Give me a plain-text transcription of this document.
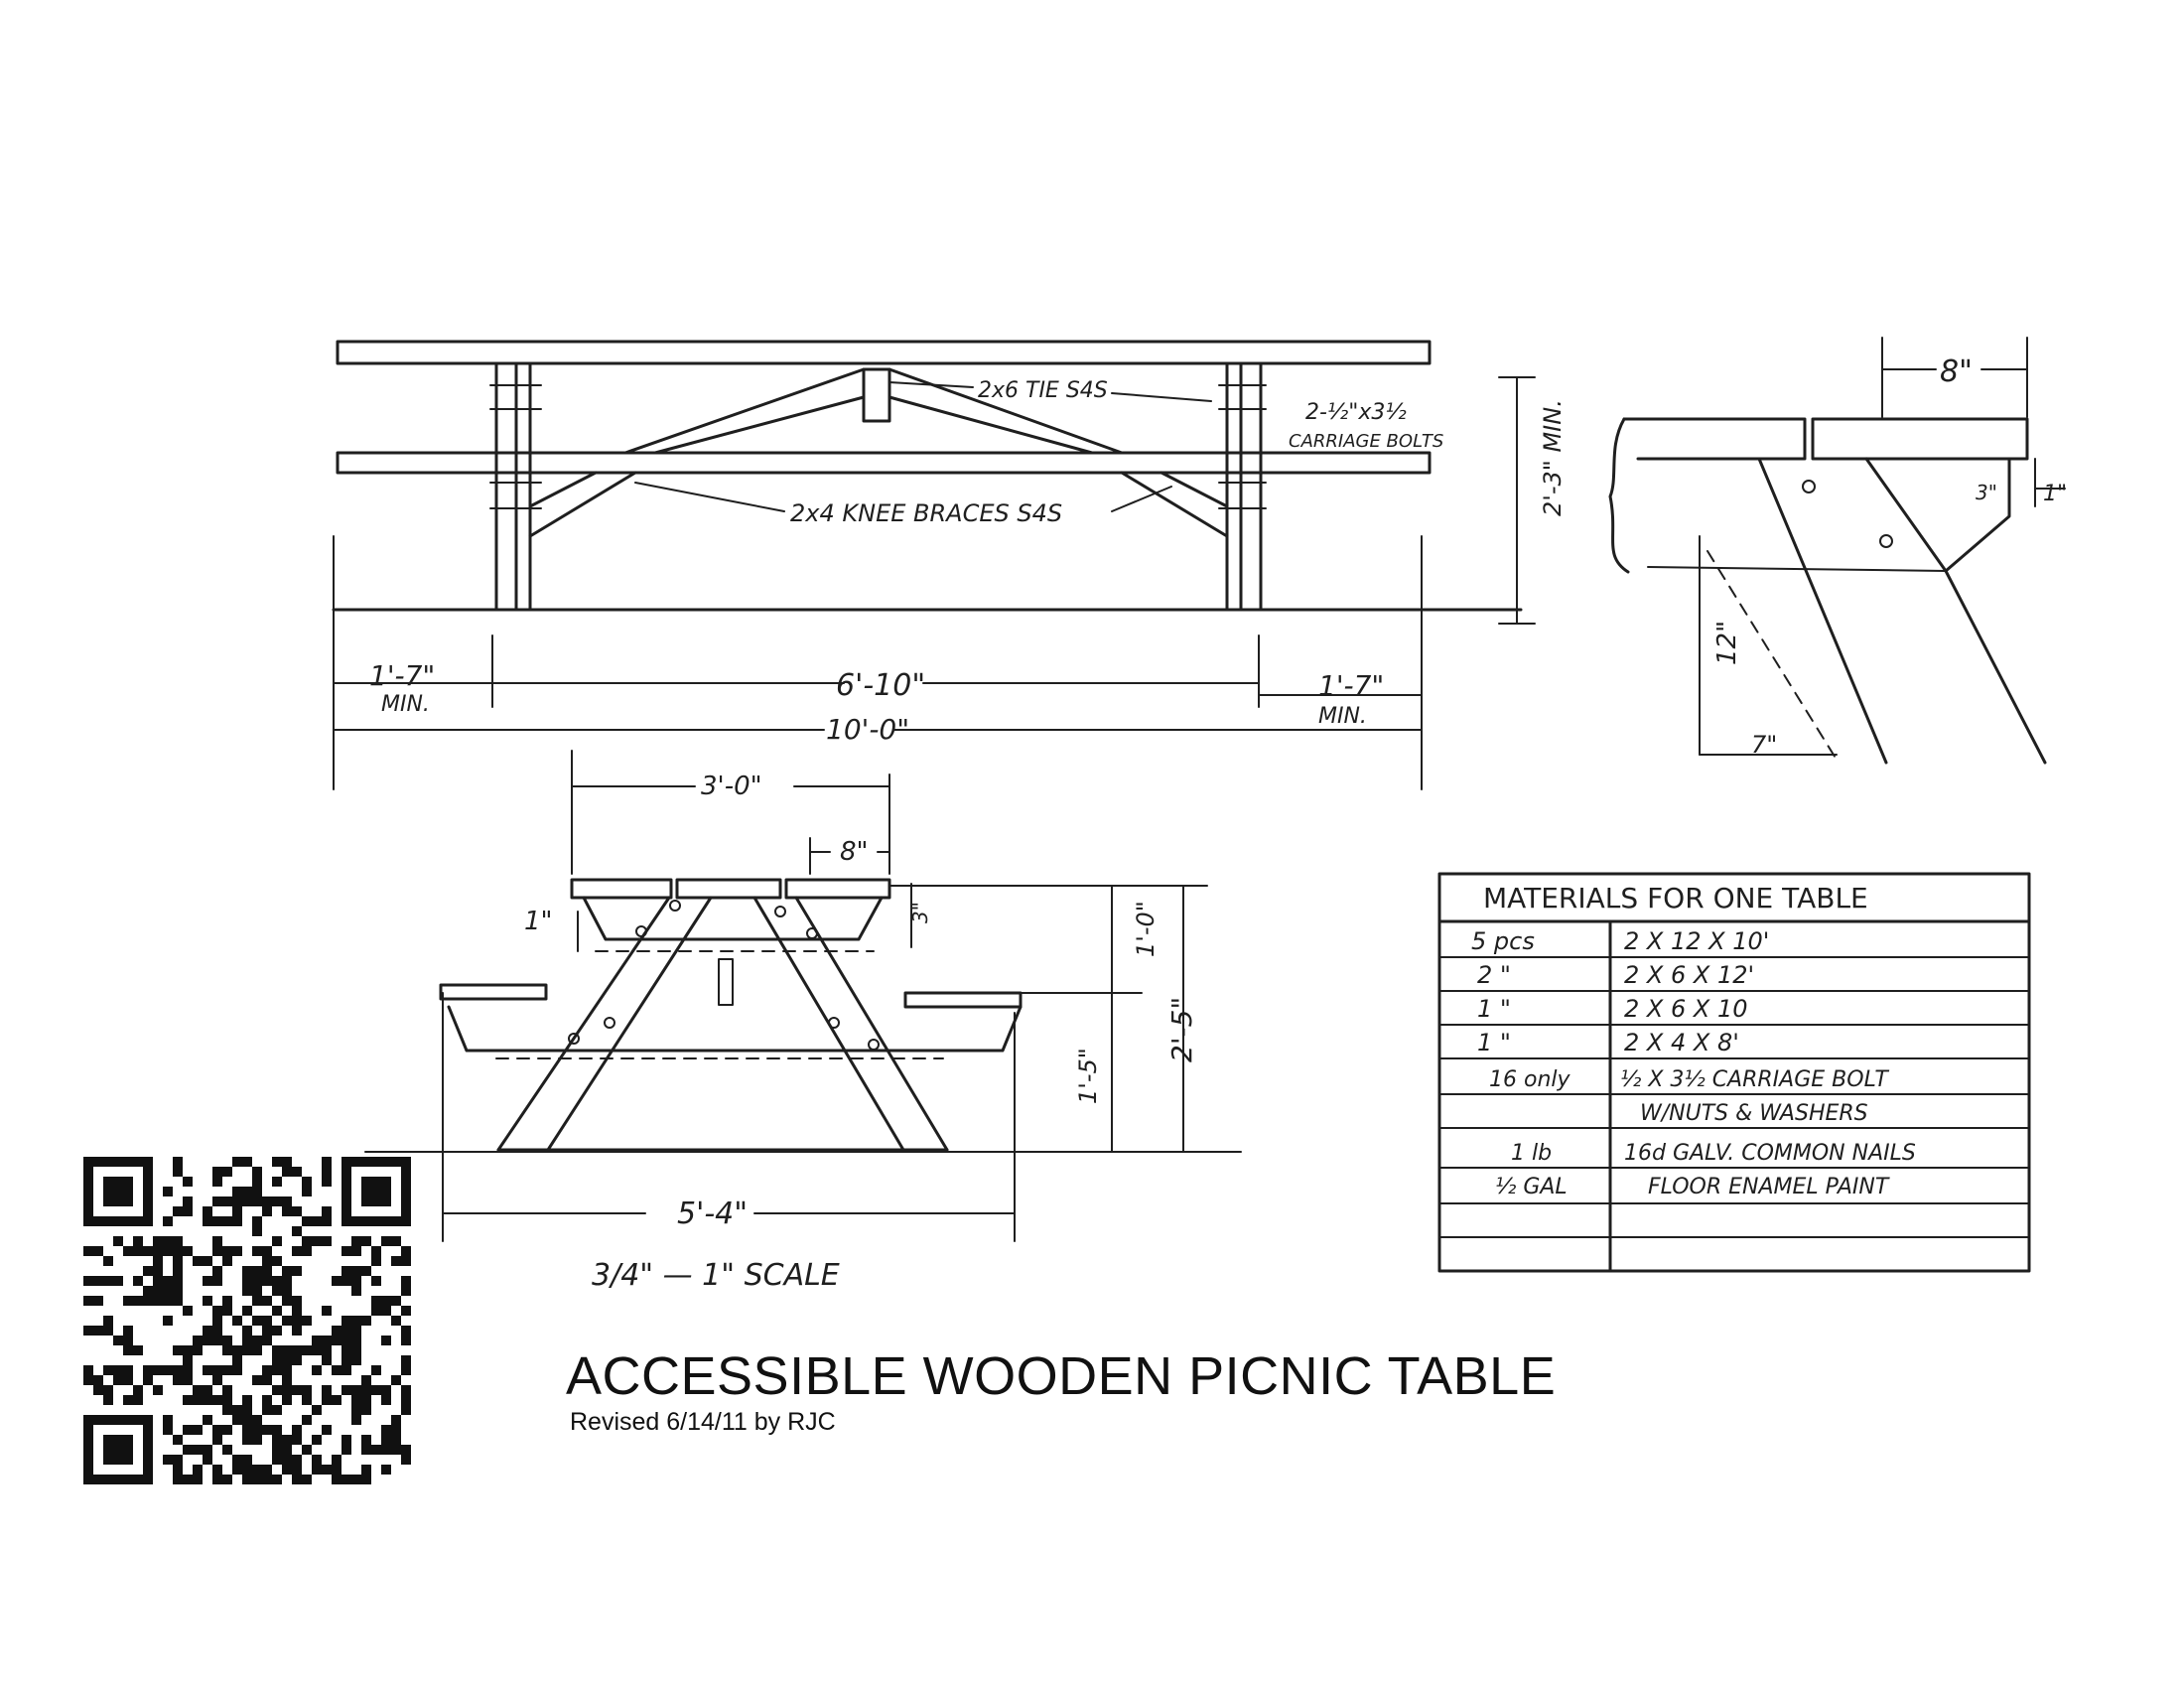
2x6 TIE S4S
2-½"x3½
CARRIAGE BOLTS
2x4 KNEE BRACES S4S	2'-3" MIN.
1'-7"
MIN.
6'-10"	1'-7"
MIN.
10'-0"
8"
3" 1"
12"
7"
3'-0"
8"
1"	3"	1'-0"
2'-5"
1'-5"
5'-4"
3/4" — 1" SCALE
MATERIALS FOR ONE TABLE
5 pcs	2 X 12 X 10'
2 "	2 X 6 X 12'
1 "	2 X 6 X 10
1 "	2 X 4 X 8'
16 only ½ X 3½ CARRIAGE BOLT
W/NUTS & WASHERS
1 lb	16d GALV. COMMON NAILS
½ GAL	FLOOR ENAMEL PAINT
ACCESSIBLE WOODEN PICNIC TABLE
Revised 6/14/11 by RJC
